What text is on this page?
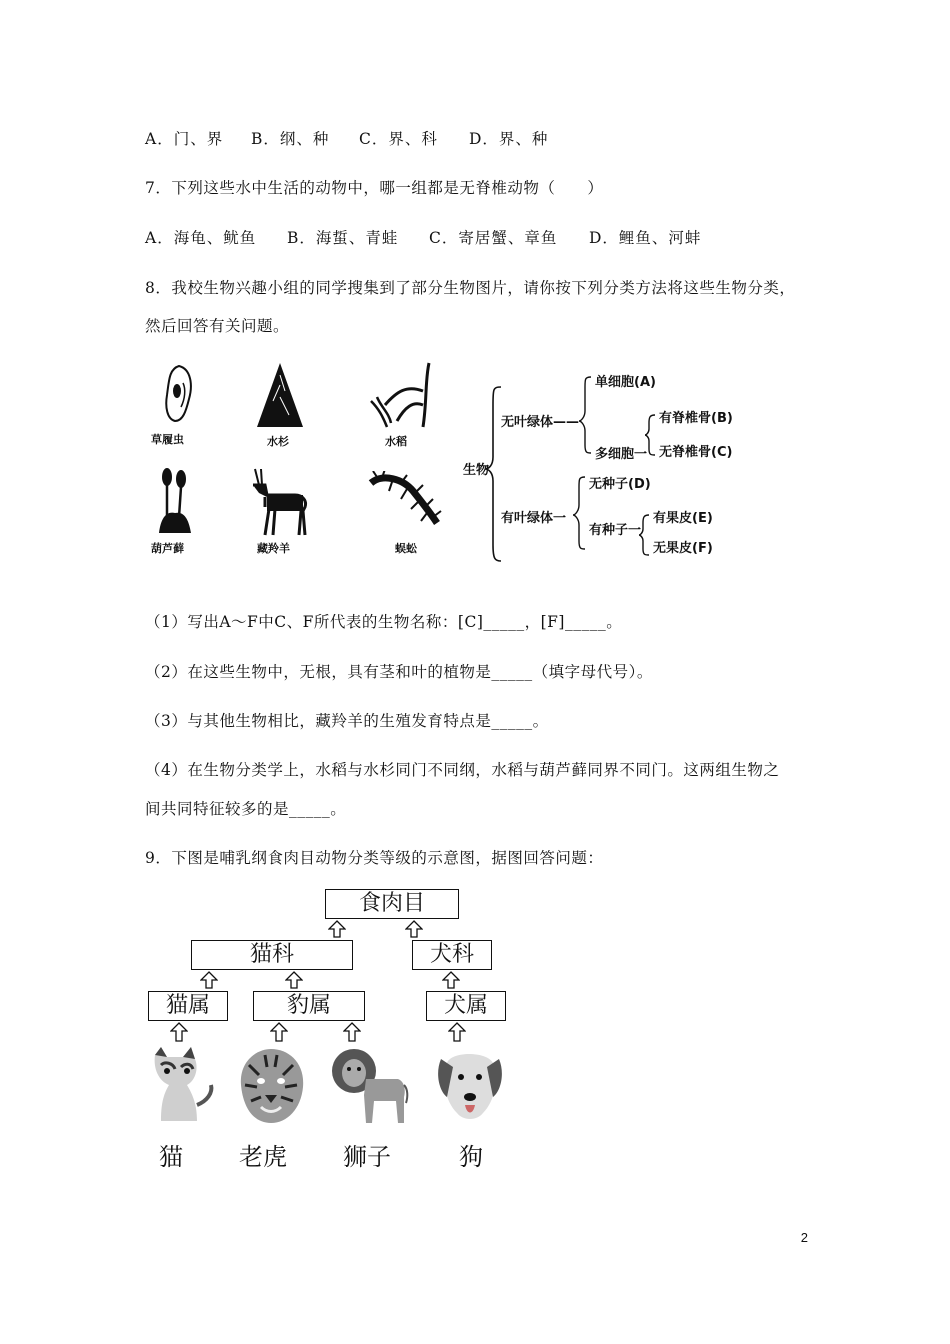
A．门、界 B．纲、种 C．界、科 D．界、种
7．下列这些水中生活的动物中，哪一组都是无脊椎动物（　　）
A．海龟、鱿鱼 B．海蜇、青蛙 C．寄居蟹、章鱼 D．鲤鱼、河蚌
8．我校生物兴趣小组的同学搜集到了部分生物图片，请你按下列分类方法将这些生物分类，
然后回答有关问题。
草履虫	水杉	水稻
葫芦藓	藏羚羊	蜈蚣
生物
无叶绿体——
单细胞(A)
多细胞一
有脊椎骨(B)
无脊椎骨(C)
有叶绿体一
无种子(D)
有种子一
有果皮(E)
无果皮(F)
（1）写出A～F中C、F所代表的生物名称：[C]_____，[F]_____。
（2）在这些生物中，无根，具有茎和叶的植物是_____（填字母代号）。
（3）与其他生物相比，藏羚羊的生殖发育特点是_____。
（4）在生物分类学上，水稻与水杉同门不同纲，水稻与葫芦藓同界不同门。这两组生物之
间共同特征较多的是_____。
9．下图是哺乳纲食肉目动物分类等级的示意图，据图回答问题：
食肉目
猫科	犬科
猫属	豹属	犬属
猫 老虎 狮子	狗
2
